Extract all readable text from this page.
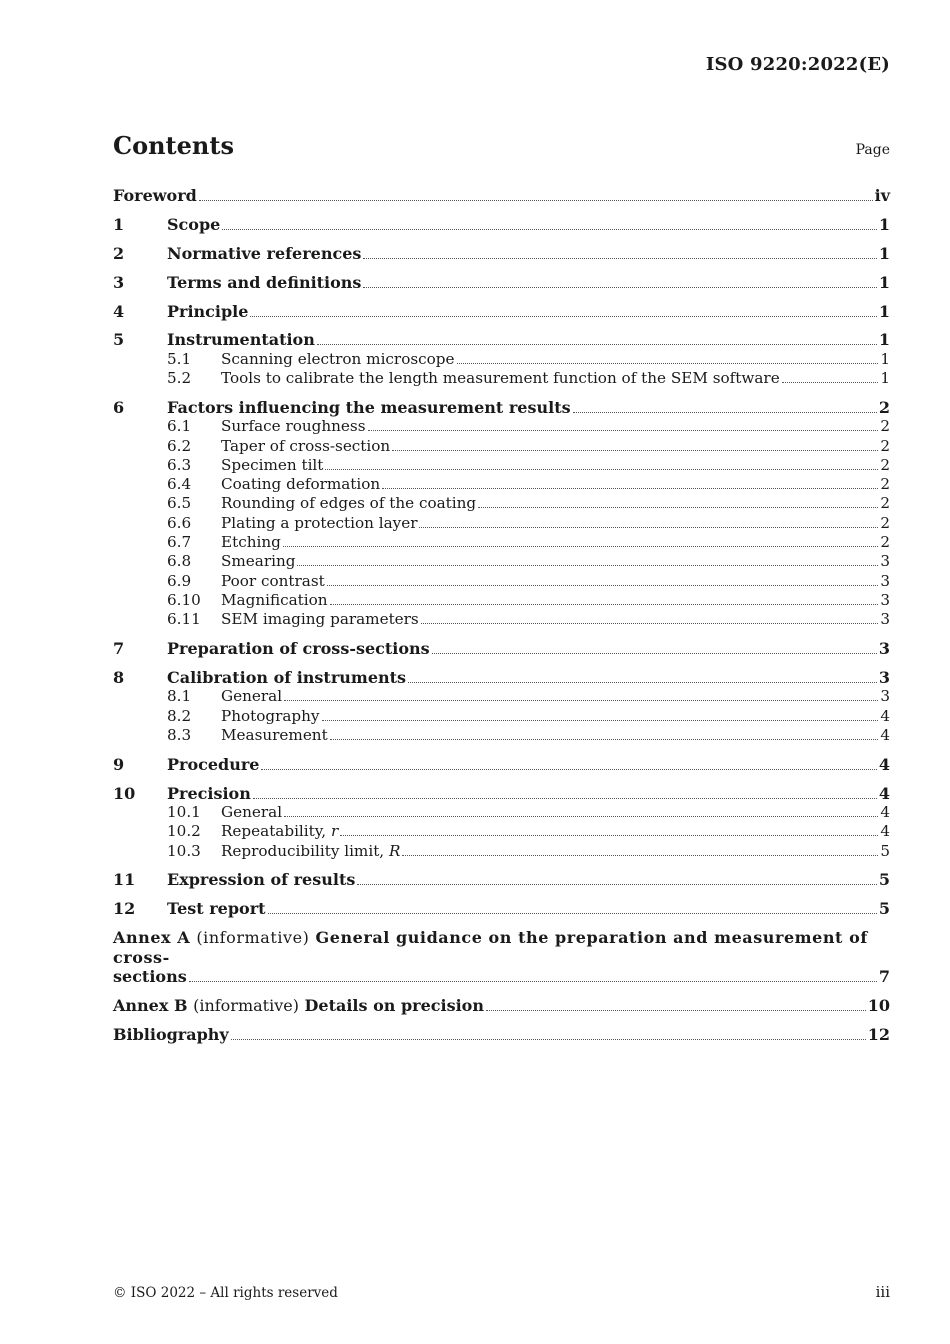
ISO 9220:2022(E)
Contents	Page
Foreword	iv
1	Scope	1
2	Normative references	1
3	Terms and definitions	1
4	Principle	1
5	Instrumentation	1
5.1	Scanning electron microscope	1
5.2	Tools to calibrate the length measurement function of the SEM software	1
6	Factors influencing the measurement results	2
6.1	Surface roughness	2
6.2	Taper of cross-section	2
6.3	Specimen tilt	2
6.4	Coating deformation	2
6.5	Rounding of edges of the coating	2
6.6	Plating a protection layer	2
6.7	Etching	2
6.8	Smearing	3
6.9	Poor contrast	3
6.10	Magnification	3
6.11	SEM imaging parameters	3
7	Preparation of cross-sections	3
8	Calibration of instruments	3
8.1	General	3
8.2	Photography	4
8.3	Measurement	4
9	Procedure	4
10	Precision	4
10.1	General	4
10.2	Repeatability, r	4
10.3	Reproducibility limit, R	5
11	Expression of results	5
12	Test report	5
Annex A (informative) General guidance on the preparation and measurement of cross-
sections	7
Annex B (informative) Details on precision	10
Bibliography	12
© ISO 2022 – All rights reserved	iii
